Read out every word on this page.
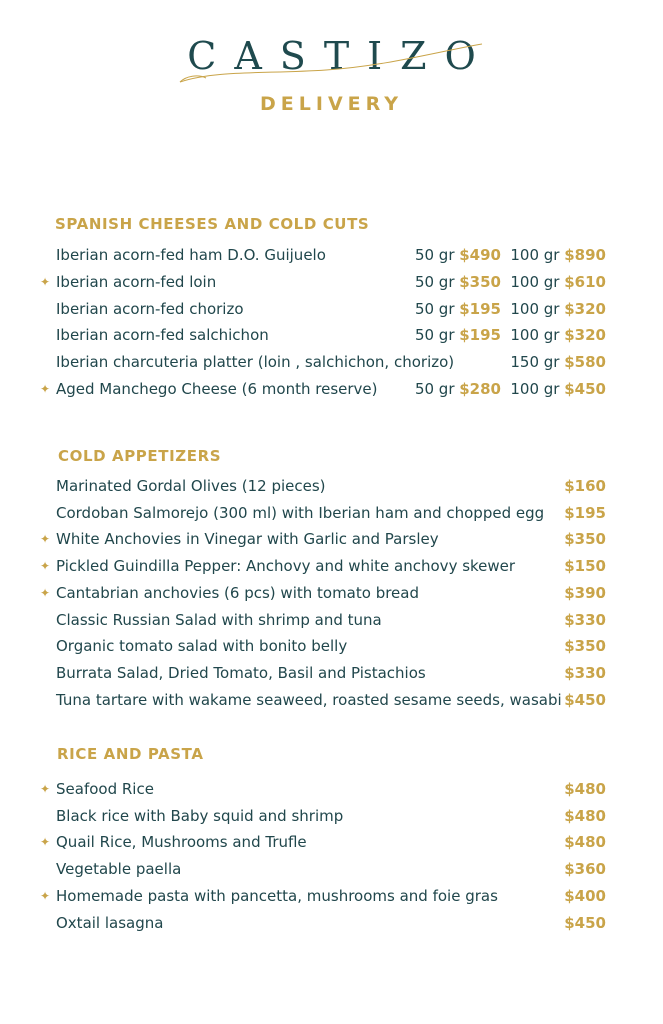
CASTIZO
DELIVERY
SPANISH CHEESES AND COLD CUTS
Iberian acorn-fed ham D.O. Guijuelo	50 gr $490 100 gr $890
✦ Iberian acorn-fed loin	50 gr $350 100 gr $610
Iberian acorn-fed chorizo	50 gr $195 100 gr $320
Iberian acorn-fed salchichon	50 gr $195 100 gr $320
Iberian charcuteria platter (loin , salchichon, chorizo)	150 gr $580
✦ Aged Manchego Cheese (6 month reserve) 50 gr $280 100 gr $450
COLD APPETIZERS
Marinated Gordal Olives (12 pieces)	$160
Cordoban Salmorejo (300 ml) with Iberian ham and chopped egg $195
✦ White Anchovies in Vinegar with Garlic and Parsley	$350
✦ Pickled Guindilla Pepper: Anchovy and white anchovy skewer	$150
✦ Cantabrian anchovies (6 pcs) with tomato bread	$390
Classic Russian Salad with shrimp and tuna	$330
Organic tomato salad with bonito belly	$350
Burrata Salad, Dried Tomato, Basil and Pistachios	$330
Tuna tartare with wakame seaweed, roasted sesame seeds, wasabi $450
RICE AND PASTA
✦ Seafood Rice	$480
Black rice with Baby squid and shrimp	$480
✦ Quail Rice, Mushrooms and Trufle	$480
Vegetable paella	$360
✦ Homemade pasta with pancetta, mushrooms and foie gras	$400
Oxtail lasagna	$450
